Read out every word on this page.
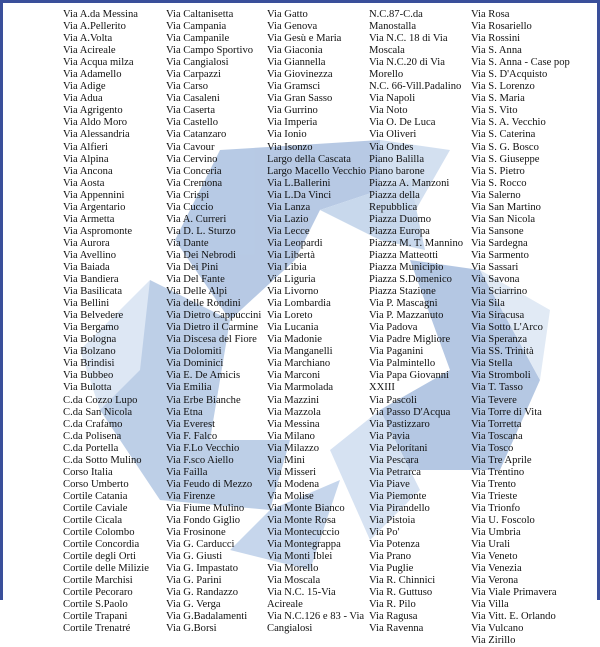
Via A.da Messina
Via A.Pellerito
Via A.Volta
Via Acireale
Via Acqua milza
Via Adamello
Via Adige
Via Adua
Via Agrigento
Via Aldo Moro
Via Alessandria
Via Alfieri
Via Alpina
Via Ancona
Via Aosta
Via Appennini
Via Argentario
Via Armetta
Via Aspromonte
Via Aurora
Via Avellino
Via Baiada
Via Bandiera
Via Basilicata
Via Bellini
Via Belvedere
Via Bergamo
Via Bologna
Via Bolzano
Via Brindisi
Via Bubbeo
Via Bulotta
C.da Cozzo Lupo
C.da San Nicola
C.da Crafamo
C.da Polisena
C.da Portella
C.da Sotto Mulino
Corso Italia
Corso Umberto
Cortile Catania
Cortile Caviale
Cortile Cicala
Cortile Colombo
Cortile Concordia
Cortile degli Orti
Cortile delle Milizie
Cortile Marchisi
Cortile Pecoraro
Cortile S.Paolo
Cortile Trapani
Cortile Trenatré
Via Caltanisetta
Via Campania
Via Campanile
Via Campo Sportivo
Via Cangialosi
Via Carpazzi
Via Carso
Via Casaleni
Via Caserta
Via Castello
Via Catanzaro
Via Cavour
Via Cervino
Via Conceria
Via Cremona
Via Crispi
Via Cuccio
Via A. Curreri
Via D. L. Sturzo
Via Dante
Via Dei Nebrodi
Via Dei Pini
Via Del Fante
Via Delle Alpi
Via delle Rondini
Via Dietro Cappuccini
Via Dietro il Carmine
Via Discesa del Fiore
Via Dolomiti
Via Dominici
Via E. De Amicis
Via Emilia
Via Erbe Bianche
Via Etna
Via Everest
Via F. Falco
Via F.Lo Vecchio
Via F.sco Aiello
Via Failla
Via Feudo di Mezzo
Via Firenze
Via Fiume Mulino
Via Fondo Giglio
Via Frosinone
Via G. Carducci
Via G. Giusti
Via G. Impastato
Via G. Parini
Via G. Randazzo
Via G. Verga
Via G.Badalamenti
Via G.Borsi
Via Gatto
Via Genova
Via Gesù e Maria
Via Giaconia
Via Giannella
Via Giovinezza
Via Gramsci
Via Gran Sasso
Via Gurrino
Via Imperia
Via Ionio
Via Isonzo
Largo della Cascata
Largo Macello Vecchio
Via L.Ballerini
Via L.Da Vinci
Via Lanza
Via Lazio
Via Lecce
Via Leopardi
Via Libertà
Via Libia
Via Liguria
Via Livorno
Via Lombardia
Via Loreto
Via Lucania
Via Madonie
Via Manganelli
Via Marchiano
Via Marconi
Via Marmolada
Via Mazzini
Via Mazzola
Via Messina
Via Milano
Via Milazzo
Via Mini
Via Misseri
Via Modena
Via Molise
Via Monte Bianco
Via Monte Rosa
Via Montecuccio
Via Montegrappa
Via Monti Iblei
Via Morello
Via Moscala
Via N.C. 15-Via
Acireale
Via N.C.126 e 83 - Via
Cangialosi
N.C.87-C.da
Manostalla
Via N.C. 18 di Via
Moscala
Via N.C.20 di Via
Morello
N.C. 66-Vill.Padalino
Via Napoli
Via Noto
Via O. De Luca
Via Oliveri
Via Ondes
Piano Balilla
Piano barone
Piazza A. Manzoni
Piazza della
Repubblica
Piazza Duomo
Piazza Europa
Piazza M. T. Mannino
Piazza Matteotti
Piazza Municipio
Piazza S.Domenico
Piazza Stazione
Via P. Mascagni
Via P. Mazzanuto
Via Padova
Via Padre Migliore
Via Paganini
Via Palmintello
Via Papa Giovanni
XXIII
Via Pascoli
Via Passo D'Acqua
Via Pastizzaro
Via Pavia
Via Pelorítani
Via Pescara
Via Petrarca
Via Piave
Via Piemonte
Via Pirandello
Via Pistoia
Via Po'
Via Potenza
Via Prano
Via Puglie
Via R. Chinnici
Via R. Guttuso
Via R. Pilo
Via Ragusa
Via Ravenna
Via Rosa
Via Rosariello
Via Rossini
Via S. Anna
Via S. Anna - Case pop
Via S. D'Acquisto
Via S. Lorenzo
Via S. Maria
Via S. Vito
Via S. A. Vecchio
Via S. Caterina
Via S. G. Bosco
Via S. Giuseppe
Via S. Pietro
Via S. Rocco
Via Salerno
Via San Martino
Via San Nicola
Via Sansone
Via Sardegna
Via Sarmento
Via Sassari
Via Savona
Via Sciarrino
Via Sila
Via Siracusa
Via Sotto L'Arco
Via Speranza
Via SS. Trinità
Via Stella
Via Stromboli
Via T. Tasso
Via Tevere
Via Torre di Vita
Via Torretta
Via Toscana
Via Tosco
Via Tre Aprile
Via Trentino
Via Trento
Via Trieste
Via Trionfo
Via U. Foscolo
Via Umbria
Via Urali
Via Veneto
Via Venezia
Via Verona
Via Viale Primavera
Via Villa
Via Vitt. E. Orlando
Via Vulcano
Via Zirillo
